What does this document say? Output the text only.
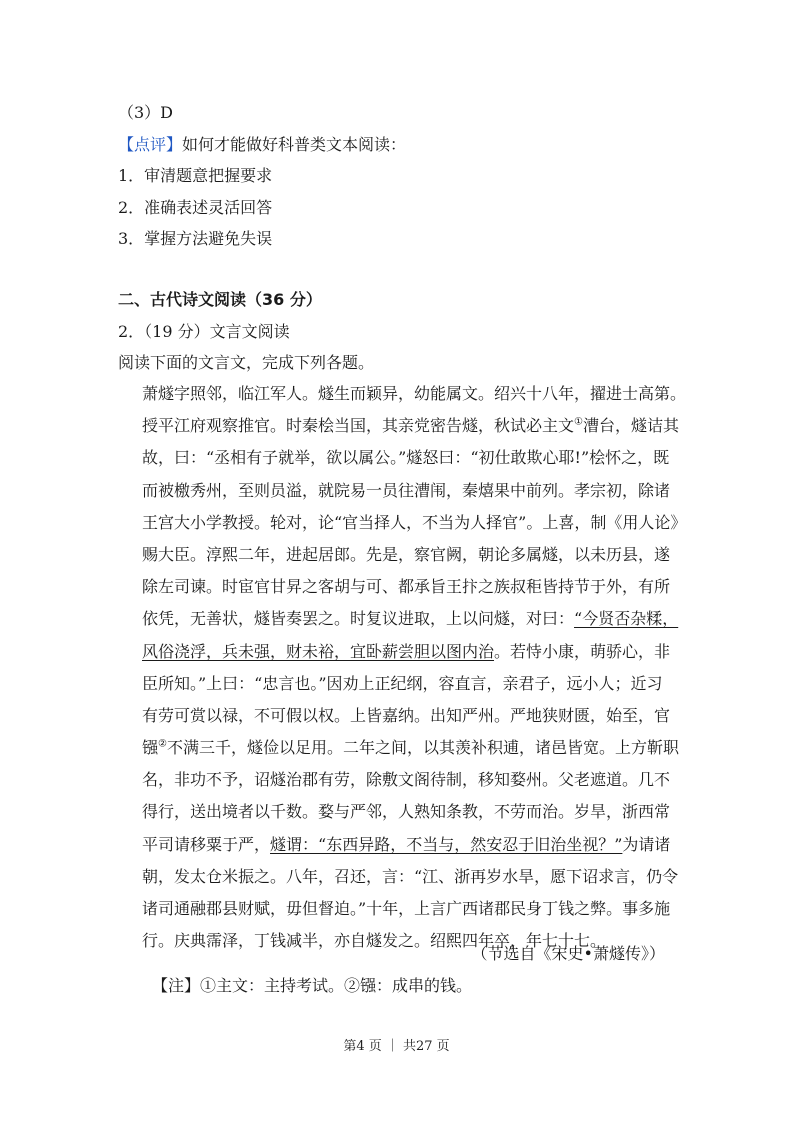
（3）D
【点评】如何才能做好科普类文本阅读：
1．审清题意把握要求
2．准确表述灵活回答
3．掌握方法避免失误
二、古代诗文阅读（36 分）
2．（19 分）文言文阅读
阅读下面的文言文，完成下列各题。
萧燧字照邻，临江军人。燧生而颖异，幼能属文。绍兴十八年，擢进士高第。
授平江府观察推官。时秦桧当国，其亲党密告燧，秋试必主文①漕台，燧诘其
故，曰：“丞相有子就举，欲以属公。”燧怒曰：“初仕敢欺心耶!”桧怀之，既
而被檄秀州，至则员溢，就院易一员往漕闱，秦熺果中前列。孝宗初，除诸
王宫大小学教授。轮对，论“官当择人，不当为人择官”。上喜，制《用人论》
赐大臣。淳熙二年，进起居郎。先是，察官阙，朝论多属燧，以未历县，遂
除左司谏。时宦官甘昇之客胡与可、都承旨王抃之族叔秬皆持节于外，有所
依凭，无善状，燧皆奏罢之。时复议进取，上以问燧，对曰：“今贤否杂糅，
风俗浇浮，兵未强，财未裕，宜卧薪尝胆以图内治。若恃小康，萌骄心，非
臣所知。”上曰：“忠言也。”因劝上正纪纲，容直言，亲君子，远小人；近习
有劳可赏以禄，不可假以权。上皆嘉纳。出知严州。严地狭财匮，始至，官
镪②不满三千，燧俭以足用。二年之间，以其羡补积逋，诸邑皆宽。上方靳职
名，非功不予，诏燧治郡有劳，除敷文阁待制，移知婺州。父老遮道。几不
得行，送出境者以千数。婺与严邻，人熟知条教，不劳而治。岁旱，浙西常
平司请移粟于严，燧谓：“东西异路，不当与，然安忍于旧治坐视？”为请诸
朝，发太仓米振之。八年，召还，言：“江、浙再岁水旱，愿下诏求言，仍令
诸司通融郡县财赋，毋但督迫。”十年，上言广西诸郡民身丁钱之弊。事多施
行。庆典霈泽，丁钱减半，亦自燧发之。绍熙四年卒，年七十七。
（节选自《宋史•萧燧传》）
【注】①主文：主持考试。②镪：成串的钱。
第4 页 ｜ 共27 页
